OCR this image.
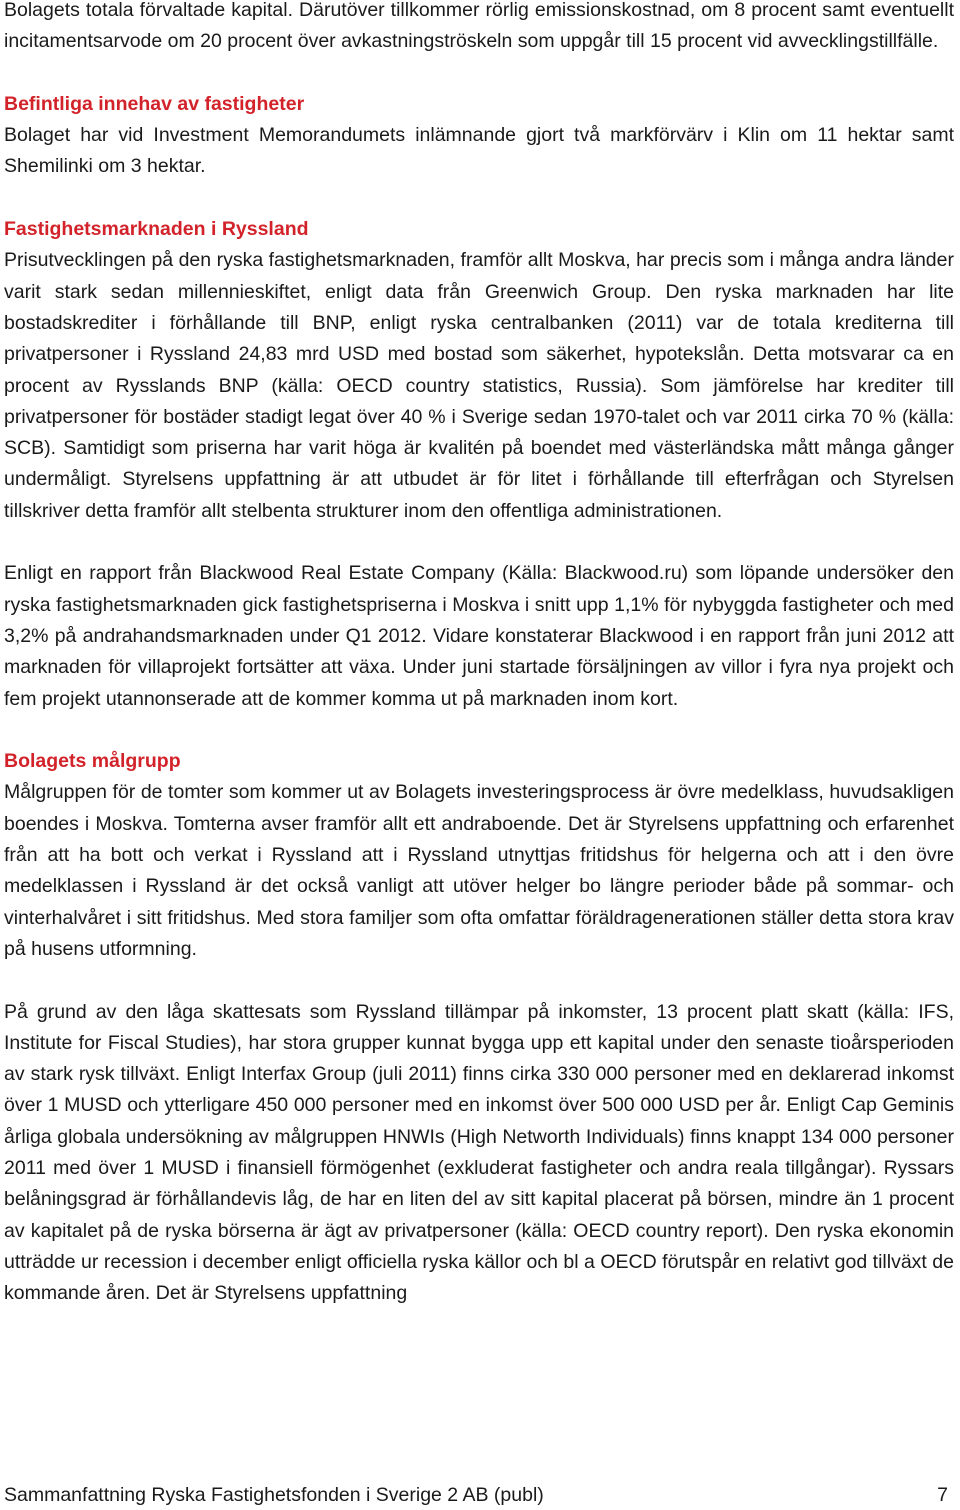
Bolagets totala förvaltade kapital. Därutöver tillkommer rörlig emissionskostnad, om 8 procent samt eventuellt incitamentsarvode om 20 procent över avkastningströskeln som uppgår till 15 procent vid avvecklingstillfälle.

Befintliga innehav av fastigheter
Bolaget har vid Investment Memorandumets inlämnande gjort två markförvärv i Klin om 11 hektar samt Shemilinki om 3 hektar.

Fastighetsmarknaden i Ryssland
Prisutvecklingen på den ryska fastighetsmarknaden, framför allt Moskva, har precis som i många andra länder varit stark sedan millennieskiftet, enligt data från Greenwich Group. Den ryska marknaden har lite bostadskrediter i förhållande till BNP, enligt ryska centralbanken (2011) var de totala krediterna till privatpersoner i Ryssland 24,83 mrd USD med bostad som säkerhet, hypotekslån. Detta motsvarar ca en procent av Rysslands BNP (källa: OECD country statistics, Russia). Som jämförelse har krediter till privatpersoner för bostäder stadigt legat över 40 % i Sverige sedan 1970-talet och var 2011 cirka 70 % (källa: SCB). Samtidigt som priserna har varit höga är kvalitén på boendet med västerländska mått många gånger undermåligt. Styrelsens uppfattning är att utbudet är för litet i förhållande till efterfrågan och Styrelsen tillskriver detta framför allt stelbenta strukturer inom den offentliga administrationen.

Enligt en rapport från Blackwood Real Estate Company (Källa: Blackwood.ru) som löpande undersöker den ryska fastighetsmarknaden gick fastighetspriserna i Moskva i snitt upp 1,1% för nybyggda fastigheter och med 3,2% på andrahandsmarknaden under Q1 2012. Vidare konstaterar Blackwood i en rapport från juni 2012 att marknaden för villaprojekt fortsätter att växa. Under juni startade försäljningen av villor i fyra nya projekt och fem projekt utannonserade att de kommer komma ut på marknaden inom kort.

Bolagets målgrupp
Målgruppen för de tomter som kommer ut av Bolagets investeringsprocess är övre medelklass, huvudsakligen boendes i Moskva. Tomterna avser framför allt ett andraboende. Det är Styrelsens uppfattning och erfarenhet från att ha bott och verkat i Ryssland att i Ryssland utnyttjas fritidshus för helgerna och att i den övre medelklassen i Ryssland är det också vanligt att utöver helger bo längre perioder både på sommar- och vinterhalvåret i sitt fritidshus. Med stora familjer som ofta omfattar föräldragenerationen ställer detta stora krav på husens utformning.

På grund av den låga skattesats som Ryssland tillämpar på inkomster, 13 procent platt skatt (källa: IFS, Institute for Fiscal Studies), har stora grupper kunnat bygga upp ett kapital under den senaste tioårsperioden av stark rysk tillväxt. Enligt Interfax Group (juli 2011) finns cirka 330 000 personer med en deklarerad inkomst över 1 MUSD och ytterligare 450 000 personer med en inkomst över 500 000 USD per år. Enligt Cap Geminis årliga globala undersökning av målgruppen HNWIs (High Networth Individuals) finns knappt 134 000 personer 2011 med över 1 MUSD i finansiell förmögenhet (exkluderat fastigheter och andra reala tillgångar). Ryssars belåningsgrad är förhållandevis låg, de har en liten del av sitt kapital placerat på börsen, mindre än 1 procent av kapitalet på de ryska börserna är ägt av privatpersoner (källa: OECD country report). Den ryska ekonomin utträdde ur recession i december enligt officiella ryska källor och bl a OECD förutspår en relativt god tillväxt de kommande åren. Det är Styrelsens uppfattning

Sammanfattning Ryska Fastighetsfonden i Sverige 2 AB (publ)	7
